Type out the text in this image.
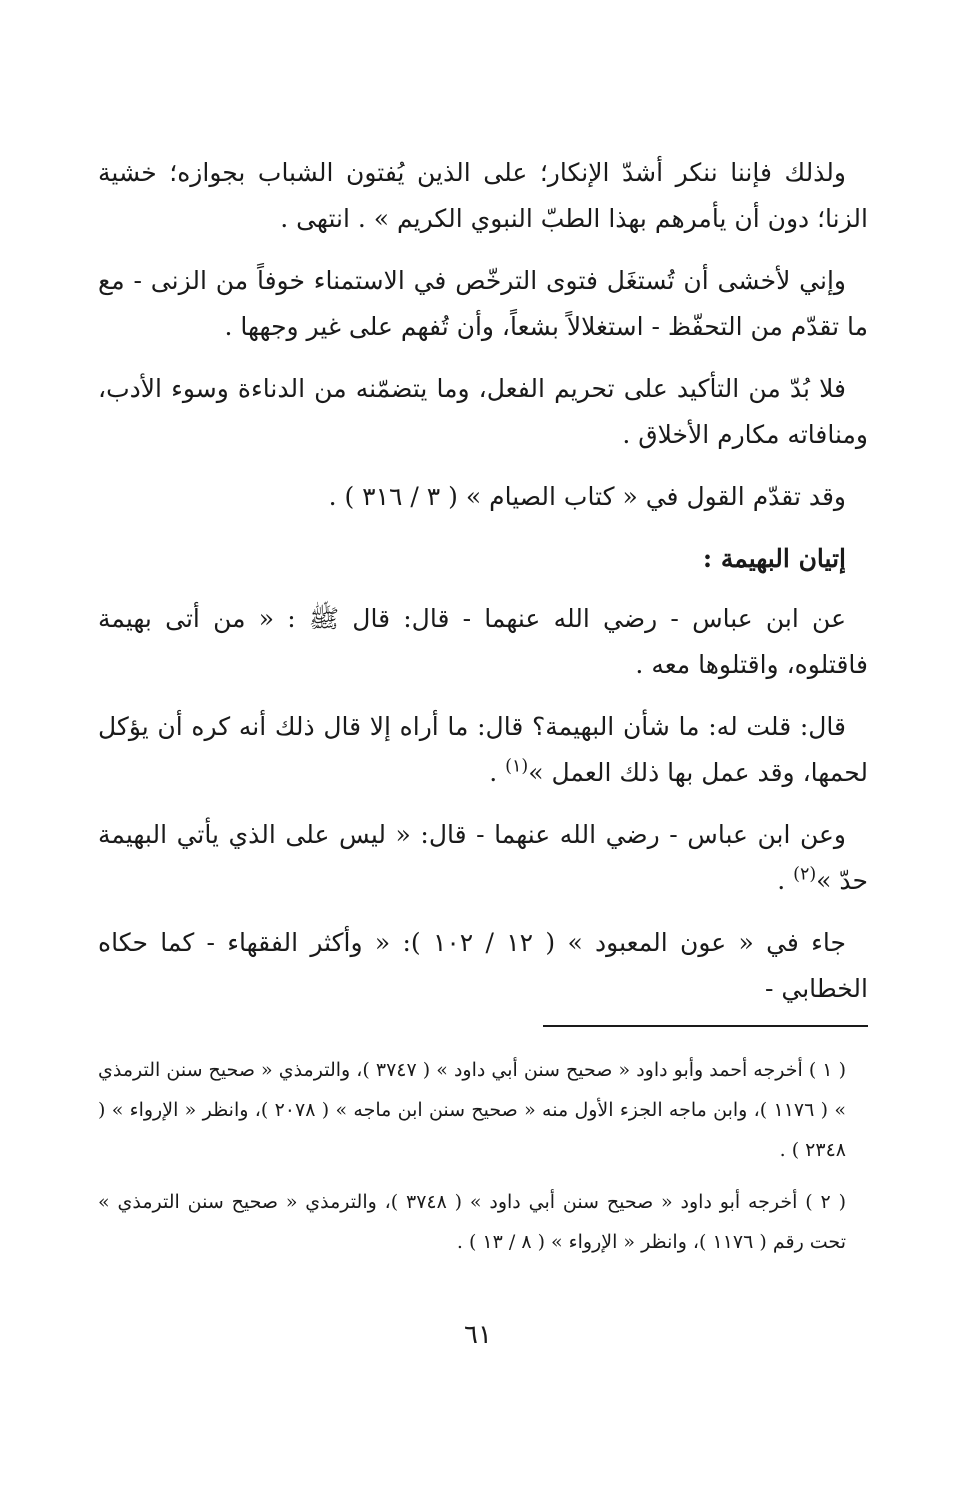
ولذلك فإننا ننكر أشدّ الإنكار؛ على الذين يُفتون الشباب بجوازه؛ خشية الزنا؛ دون أن يأمرهم بهذا الطبّ النبوي الكريم » . انتهى .

وإني لأخشى أن تُستغَل فتوى الترخّص في الاستمناء خوفاً من الزنى - مع ما تقدّم من التحفّظ - استغلالاً بشعاً، وأن تُفهم على غير وجهها .

فلا بُدّ من التأكيد على تحريم الفعل، وما يتضمّنه من الدناءة وسوء الأدب، ومنافاته مكارم الأخلاق .

وقد تقدّم القول في « كتاب الصيام » ( ٣ / ٣١٦ ) .

إتيان البهيمة :

عن ابن عباس - رضي الله عنهما - قال: قال ﷺ : « من أتى بهيمة فاقتلوه، واقتلوها معه .

قال: قلت له: ما شأن البهيمة؟ قال: ما أراه إلا قال ذلك أنه كره أن يؤكل لحمها، وقد عمل بها ذلك العمل »$^{(١)}$ .

وعن ابن عباس - رضي الله عنهما - قال: « ليس على الذي يأتي البهيمة حدّ »$^{(٢)}$ .

جاء في « عون المعبود » ( ١٢ / ١٠٢ ): « وأكثر الفقهاء - كما حكاه الخطابي -

( ١ ) أخرجه أحمد وأبو داود « صحيح سنن أبي داود » ( ٣٧٤٧ )، والترمذي « صحيح سنن الترمذي » ( ١١٧٦ )، وابن ماجه الجزء الأول منه « صحيح سنن ابن ماجه » ( ٢٠٧٨ )، وانظر « الإرواء » ( ٢٣٤٨ ) .

( ٢ ) أخرجه أبو داود « صحيح سنن أبي داود » ( ٣٧٤٨ )، والترمذي « صحيح سنن الترمذي » تحت رقم ( ١١٧٦ )، وانظر « الإرواء » ( ٨ / ١٣ ) .

٦١
